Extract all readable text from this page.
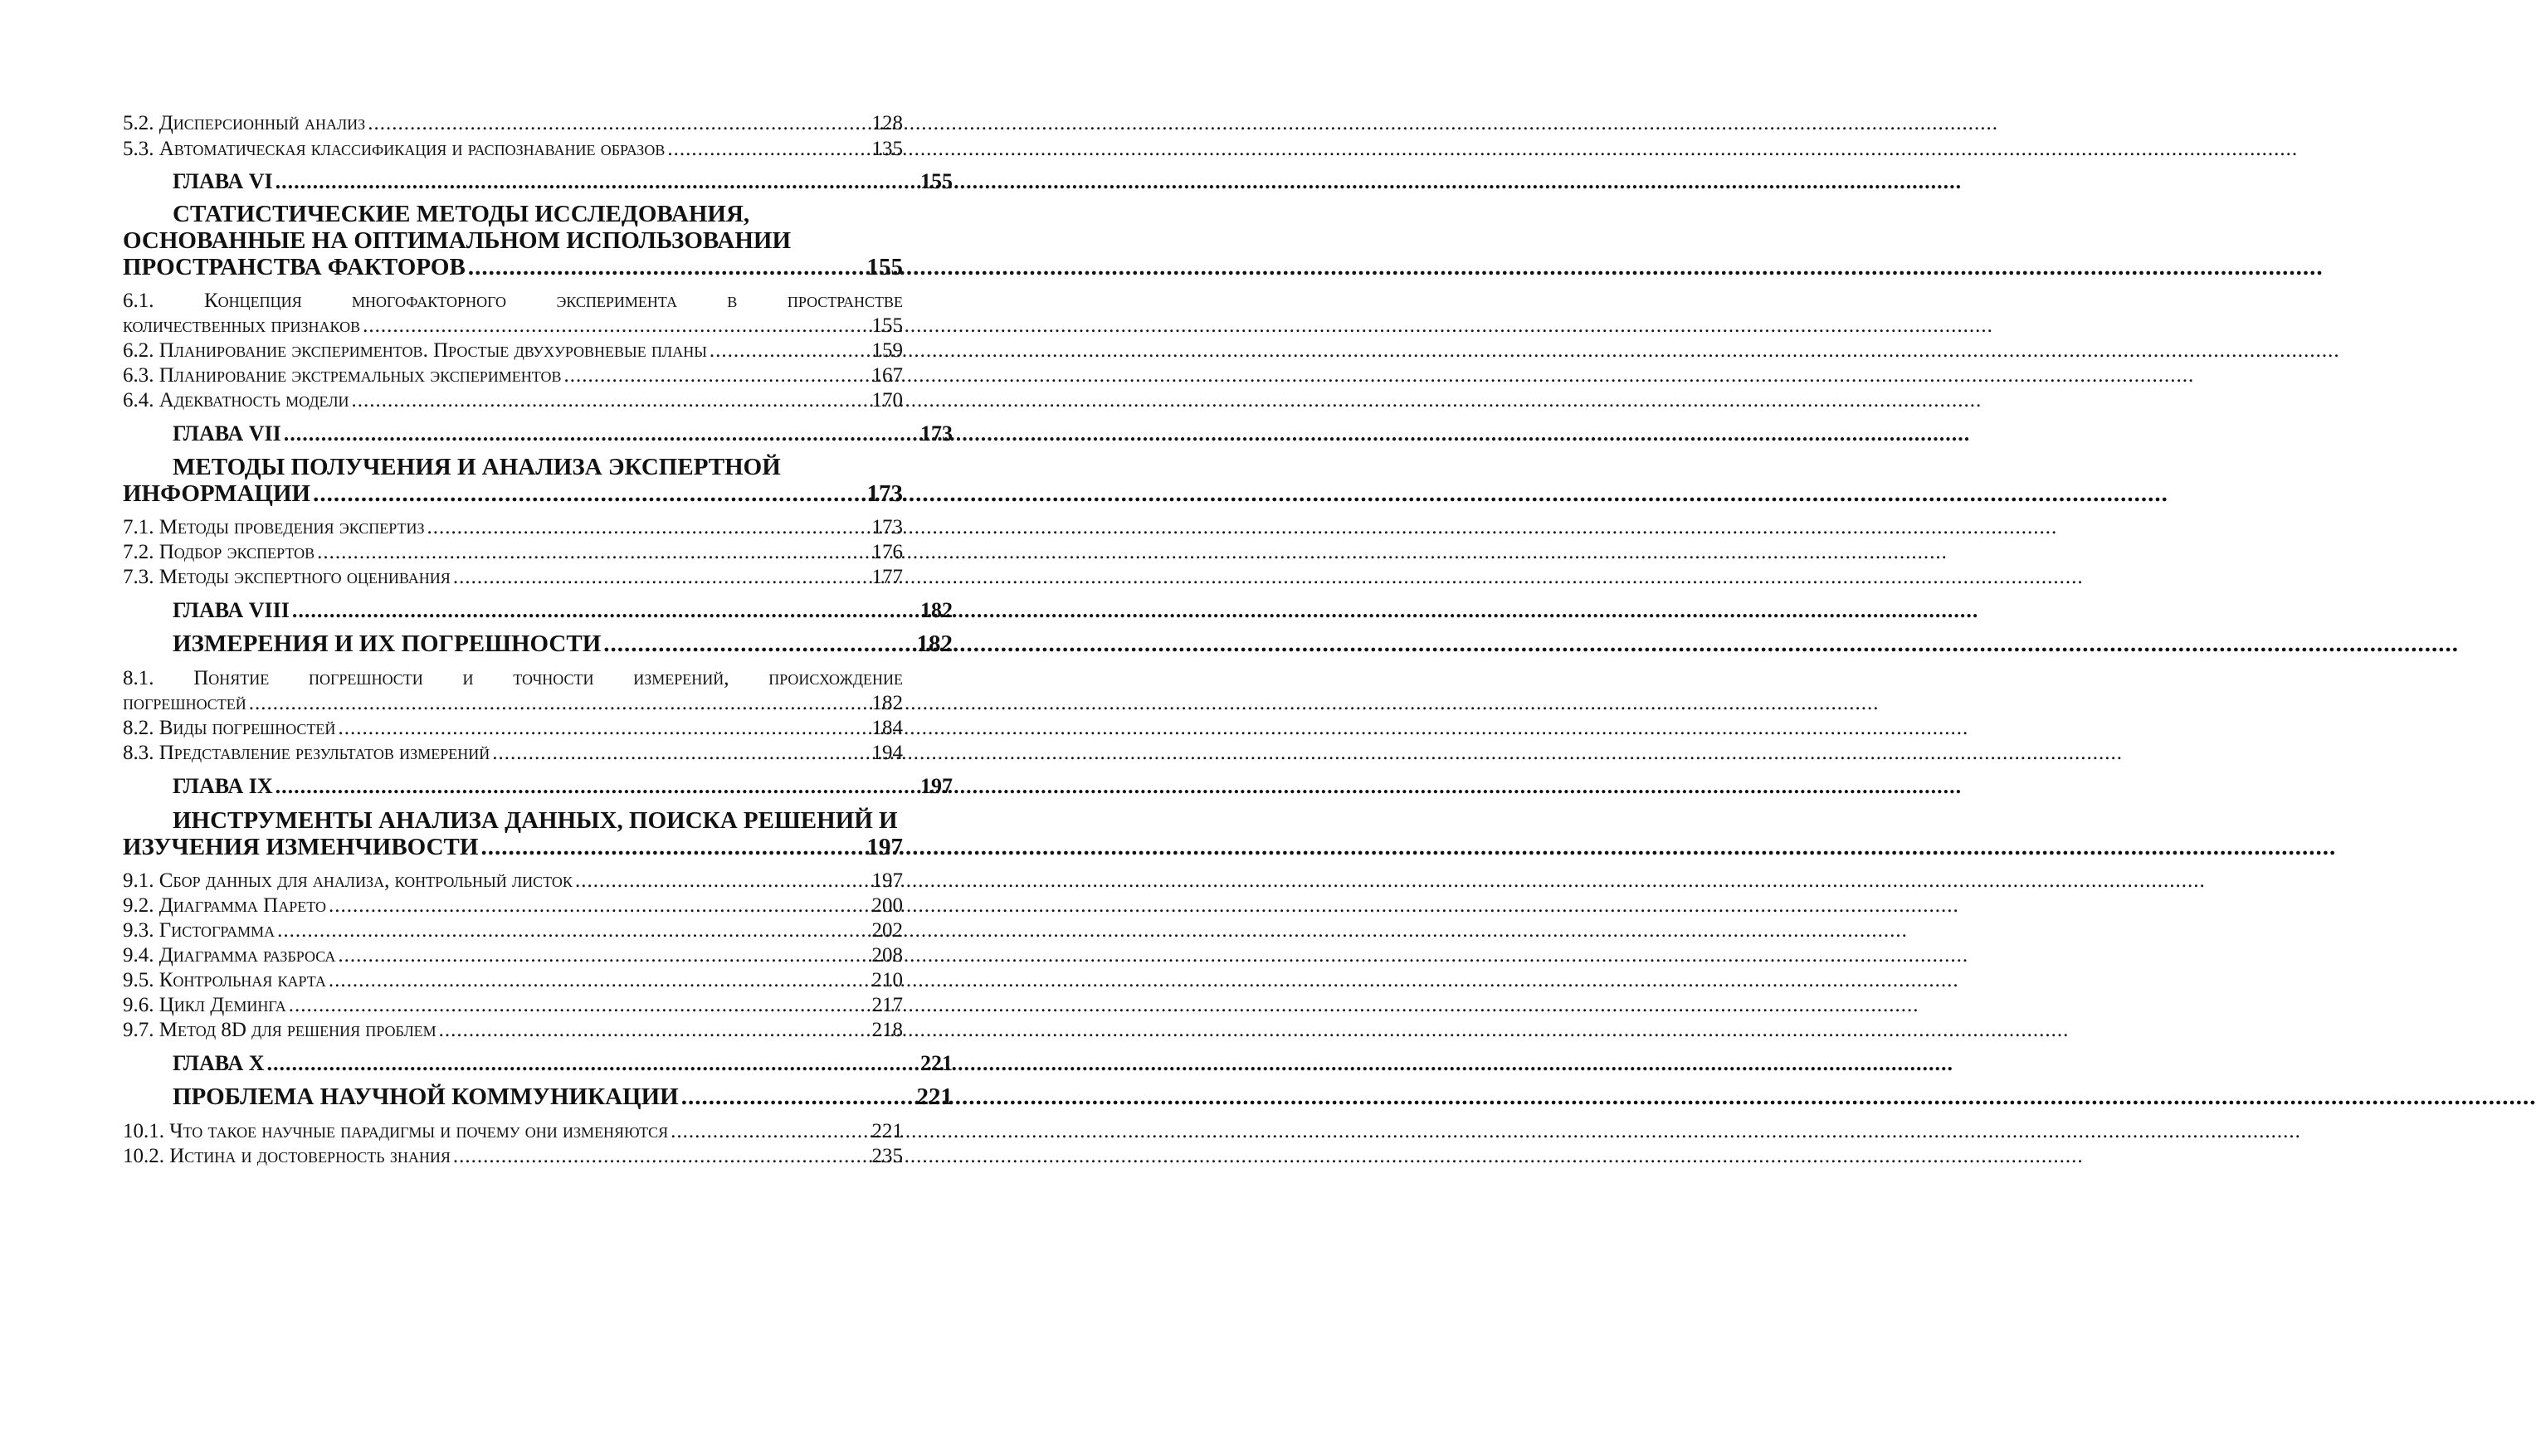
5.2. Дисперсионный анализ .....	128
5.3. Автоматическая классификация и распознавание образов .....	135
ГЛАВА VI .....	155
СТАТИСТИЧЕСКИЕ МЕТОДЫ ИССЛЕДОВАНИЯ,
ОСНОВАННЫЕ НА ОПТИМАЛЬНОМ ИСПОЛЬЗОВАНИИ
ПРОСТРАНСТВА ФАКТОРОВ .....	155
6.1. Концепция многофакторного эксперимента в пространстве
количественных признаков .....	155
6.2. Планирование экспериментов. Простые двухуровневые планы .....	159
6.3. Планирование экстремальных экспериментов .....	167
6.4. Адекватность модели .....	170
ГЛАВА VII .....	173
МЕТОДЫ ПОЛУЧЕНИЯ И АНАЛИЗА ЭКСПЕРТНОЙ
ИНФОРМАЦИИ .....	173
7.1. Методы проведения экспертиз .....	173
7.2. Подбор экспертов .....	176
7.3. Методы экспертного оценивания .....	177
ГЛАВА VIII .....	182
ИЗМЕРЕНИЯ И ИХ ПОГРЕШНОСТИ .....	182
8.1. Понятие погрешности и точности измерений, происхождение
погрешностей .....	182
8.2. Виды погрешностей .....	184
8.3. Представление результатов измерений .....	194
ГЛАВА IX .....	197
ИНСТРУМЕНТЫ АНАЛИЗА ДАННЫХ, ПОИСКА РЕШЕНИЙ И
ИЗУЧЕНИЯ ИЗМЕНЧИВОСТИ .....	197
9.1. Сбор данных для анализа, контрольный листок .....	197
9.2. Диаграмма Парето .....	200
9.3. Гистограмма .....	202
9.4. Диаграмма разброса .....	208
9.5. Контрольная карта .....	210
9.6. Цикл Деминга .....	217
9.7. Метод 8D для решения проблем .....	218
ГЛАВА X .....	221
ПРОБЛЕМА НАУЧНОЙ КОММУНИКАЦИИ .....	221
10.1. Что такое научные парадигмы и почему они изменяются .....	221
10.2. Истина и достоверность знания .....	235
